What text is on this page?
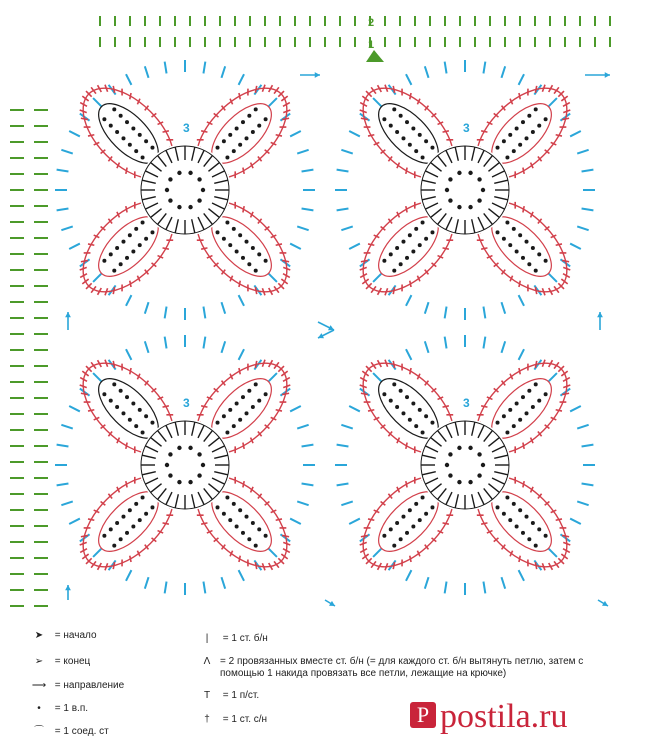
2
1
3	3
3	3
➤ = начало
➢ = конец
⟶ = направление
• = 1 в.п.
⌒ = 1 соед. ст
| = 1 ст. б/н
Λ = 2 провязанных вместе ст. б/н (= для каждого ст. б/н вытянуть петлю, затем с помощью 1 накида провязать все петли, лежащие на крючке)
T = 1 п/ст.
† = 1 ст. с/н	P postila.ru
